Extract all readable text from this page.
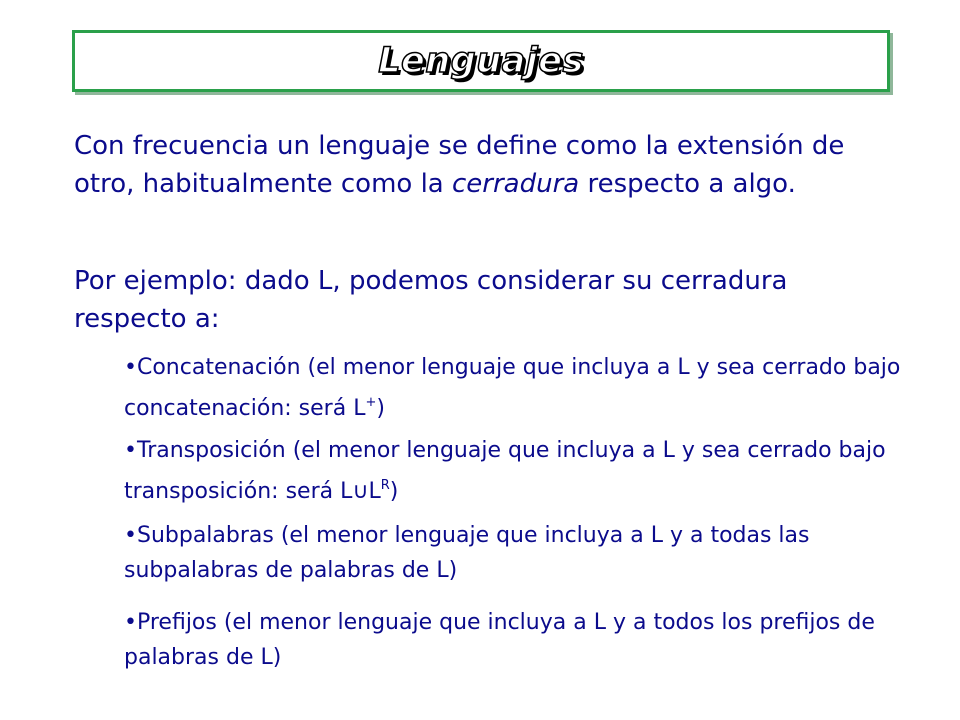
Lenguajes

Con frecuencia un lenguaje se define como la extensión de otro, habitualmente como la cerradura respecto a algo.

Por ejemplo: dado L, podemos considerar su cerradura respecto a:

•Concatenación (el menor lenguaje que incluya a L y sea cerrado bajo concatenación: será L+)
•Transposición (el menor lenguaje que incluya a L y sea cerrado bajo transposición: será $L\cup L^R$)
•Subpalabras (el menor lenguaje que incluya a L y a todas las subpalabras de palabras de L)
•Prefijos (el menor lenguaje que incluya a L y a todos los prefijos de palabras de L)
